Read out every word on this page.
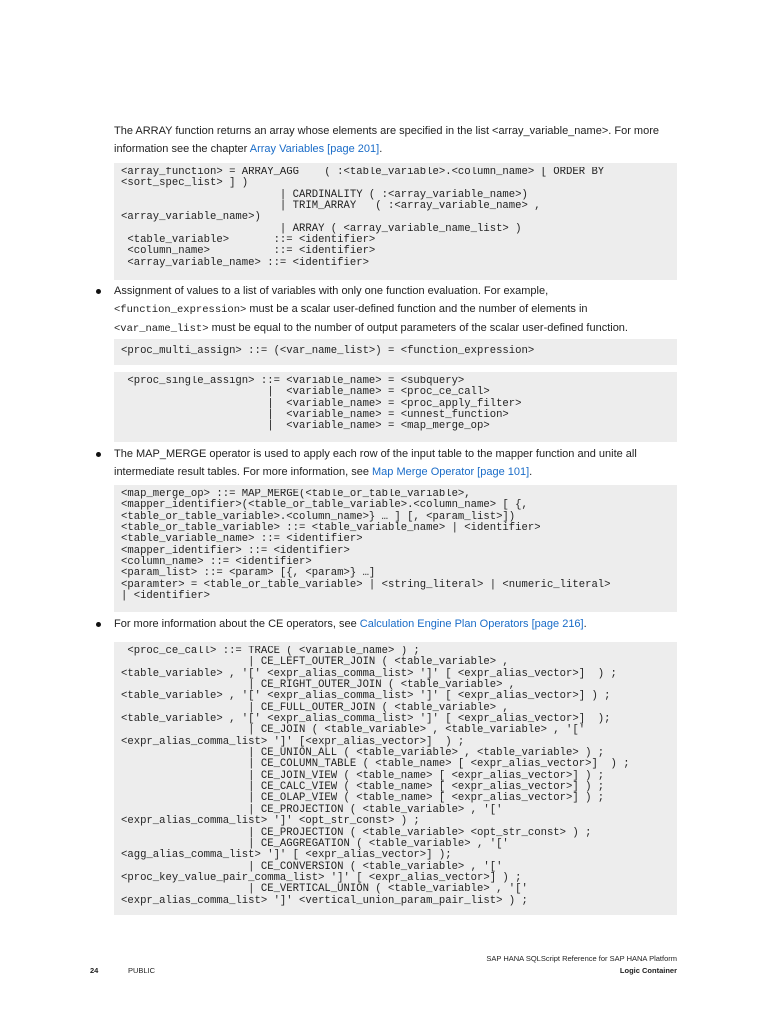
The ARRAY function returns an array whose elements are specified in the list <array_variable_name>. For more information see the chapter Array Variables [page 201].
<array_function> = ARRAY_AGG    ( :<table_variable>.<column_name> [ ORDER BY
<sort_spec_list> ] )
| CARDINALITY ( :<array_variable_name>)
| TRIM_ARRAY   ( :<array_variable_name> ,
<array_variable_name>)
| ARRAY ( <array_variable_name_list> )
<table_variable>       ::= <identifier>
<column_name>          ::= <identifier>
<array_variable_name> ::= <identifier>
Assignment of values to a list of variables with only one function evaluation. For example, <function_expression> must be a scalar user-defined function and the number of elements in <var_name_list> must be equal to the number of output parameters of the scalar user-defined function.
<proc_multi_assign> ::= (<var_name_list>) = <function_expression>
<proc_single_assign> ::= <variable_name> = <subquery>
|  <variable_name> = <proc_ce_call>
|  <variable_name> = <proc_apply_filter>
|  <variable_name> = <unnest_function>
|  <variable_name> = <map_merge_op>
The MAP_MERGE operator is used to apply each row of the input table to the mapper function and unite all intermediate result tables. For more information, see Map Merge Operator [page 101].
<map_merge_op> ::= MAP_MERGE(<table_or_table_variable>,
<mapper_identifier>(<table_or_table_variable>.<column_name> [ {,
<table_or_table_variable>.<column_name>} … ] [, <param_list>])
<table_or_table_variable> ::= <table_variable_name> | <identifier>
<table_variable_name> ::= <identifier>
<mapper_identifier> ::= <identifier>
<column_name> ::= <identifier>
<param_list> ::= <param> [{, <param>} …]
<paramter> = <table_or_table_variable> | <string_literal> | <numeric_literal>
| <identifier>
For more information about the CE operators, see Calculation Engine Plan Operators [page 216].
<proc_ce_call> ::= TRACE ( <variable_name> ) ;
| CE_LEFT_OUTER_JOIN ( <table_variable> ,
<table_variable> , '[' <expr_alias_comma_list> ']' [ <expr_alias_vector>]  ) ;
| CE_RIGHT_OUTER_JOIN ( <table_variable> ,
<table_variable> , '[' <expr_alias_comma_list> ']' [ <expr_alias_vector>] ) ;
| CE_FULL_OUTER_JOIN ( <table_variable> ,
<table_variable> , '[' <expr_alias_comma_list> ']' [ <expr_alias_vector>]  );
| CE_JOIN ( <table_variable> , <table_variable> , '['
<expr_alias_comma_list> ']' [<expr_alias_vector>]  ) ;
| CE_UNION_ALL ( <table_variable> , <table_variable> ) ;
| CE_COLUMN_TABLE ( <table_name> [ <expr_alias_vector>]  ) ;
| CE_JOIN_VIEW ( <table_name> [ <expr_alias_vector>] ) ;
| CE_CALC_VIEW ( <table_name> [ <expr_alias_vector>] ) ;
| CE_OLAP_VIEW ( <table_name> [ <expr_alias_vector>] ) ;
| CE_PROJECTION ( <table_variable> , '['
<expr_alias_comma_list> ']' <opt_str_const> ) ;
| CE_PROJECTION ( <table_variable> <opt_str_const> ) ;
| CE_AGGREGATION ( <table_variable> , '['
<agg_alias_comma_list> ']' [ <expr_alias_vector>] );
| CE_CONVERSION ( <table_variable> , '['
<proc_key_value_pair_comma_list> ']' [ <expr_alias_vector>] ) ;
| CE_VERTICAL_UNION ( <table_variable> , '['
<expr_alias_comma_list> ']' <vertical_union_param_pair_list> ) ;
SAP HANA SQLScript Reference for SAP HANA Platform
24	PUBLIC	Logic Container
